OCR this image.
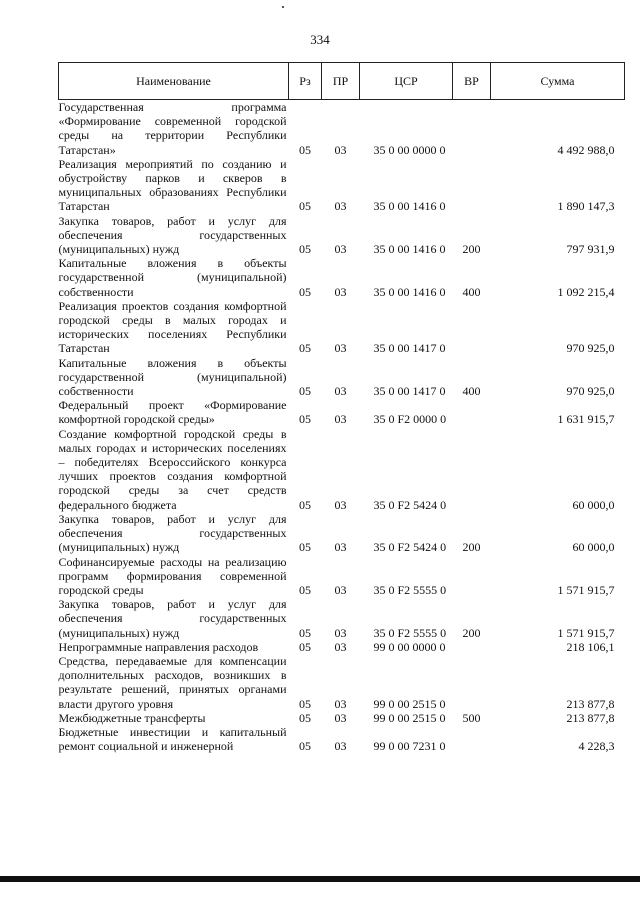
334
Наименование	Рз	ПР	ЦСР	ВР	Сумма
Государственная программа «Формирование современной городской среды на территории Республики Татарстан»	05	03	35 0 00 0000 0		4 492 988,0
Реализация мероприятий по созданию и обустройству парков и скверов в муниципальных образованиях Республики Татарстан	05	03	35 0 00 1416 0		1 890 147,3
Закупка товаров, работ и услуг для обеспечения государственных (муниципальных) нужд	05	03	35 0 00 1416 0	200	797 931,9
Капитальные вложения в объекты государственной (муниципальной) собственности	05	03	35 0 00 1416 0	400	1 092 215,4
Реализация проектов создания комфортной городской среды в малых городах и исторических поселениях Республики Татарстан	05	03	35 0 00 1417 0		970 925,0
Капитальные вложения в объекты государственной (муниципальной) собственности	05	03	35 0 00 1417 0	400	970 925,0
Федеральный проект «Формирование комфортной городской среды»	05	03	35 0 F2 0000 0		1 631 915,7
Создание комфортной городской среды в малых городах и исторических поселениях – победителях Всероссийского конкурса лучших проектов создания комфортной городской среды за счет средств федерального бюджета	05	03	35 0 F2 5424 0		60 000,0
Закупка товаров, работ и услуг для обеспечения государственных (муниципальных) нужд	05	03	35 0 F2 5424 0	200	60 000,0
Софинансируемые расходы на реализацию программ формирования современной городской среды	05	03	35 0 F2 5555 0		1 571 915,7
Закупка товаров, работ и услуг для обеспечения государственных (муниципальных) нужд	05	03	35 0 F2 5555 0	200	1 571 915,7
Непрограммные направления расходов	05	03	99 0 00 0000 0		218 106,1
Средства, передаваемые для компенсации дополнительных расходов, возникших в результате решений, принятых органами власти другого уровня	05	03	99 0 00 2515 0		213 877,8
Межбюджетные трансферты	05	03	99 0 00 2515 0	500	213 877,8
Бюджетные инвестиции и капитальный ремонт социальной и инженерной	05	03	99 0 00 7231 0		4 228,3
